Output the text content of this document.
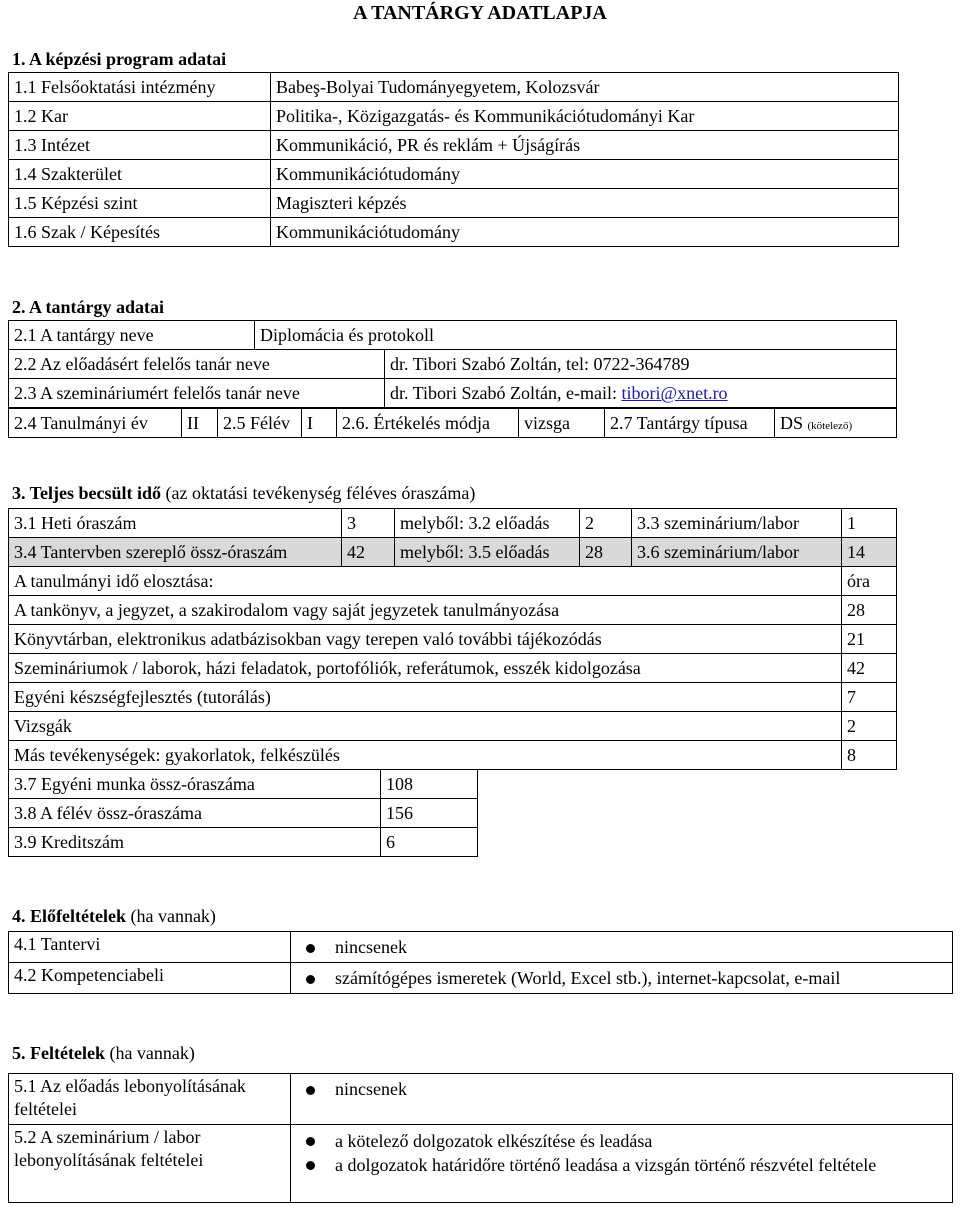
A TANTÁRGY ADATLAPJA
1. A képzési program adatai
1.1 Felsőoktatási intézmény	Babeş-Bolyai Tudományegyetem, Kolozsvár
1.2 Kar	Politika-, Közigazgatás- és Kommunikációtudományi Kar
1.3 Intézet	Kommunikáció, PR és reklám + Újságírás
1.4 Szakterület	Kommunikációtudomány
1.5 Képzési szint	Magiszteri képzés
1.6 Szak / Képesítés	Kommunikációtudomány
2. A tantárgy adatai
2.1 A tantárgy neve	Diplomácia és protokoll
2.2 Az előadásért felelős tanár neve	dr. Tibori Szabó Zoltán, tel: 0722-364789
2.3 A szemináriumért felelős tanár neve	dr. Tibori Szabó Zoltán, e-mail: tibori@xnet.ro
2.4 Tanulmányi év	II	2.5 Félév	I	2.6. Értékelés módja	vizsga	2.7 Tantárgy típusa	DS (kötelező)
3. Teljes becsült idő (az oktatási tevékenység féléves óraszáma)
3.1 Heti óraszám	3	melyből: 3.2 előadás	2	3.3 szeminárium/labor	1
3.4 Tantervben szereplő össz-óraszám	42	melyből: 3.5 előadás	28	3.6 szeminárium/labor	14
A tanulmányi idő elosztása:	óra
A tankönyv, a jegyzet, a szakirodalom vagy saját jegyzetek tanulmányozása	28
Könyvtárban, elektronikus adatbázisokban vagy terepen való további tájékozódás	21
Szemináriumok / laborok, házi feladatok, portofóliók, referátumok, esszék kidolgozása	42
Egyéni készségfejlesztés (tutorálás)	7
Vizsgák	2
Más tevékenységek: gyakorlatok, felkészülés	8
3.7 Egyéni munka össz-óraszáma	108
3.8 A félév össz-óraszáma	156
3.9 Kreditszám	6
4. Előfeltételek (ha vannak)
4.1 Tantervi	nincsenek
4.2 Kompetenciabeli	számítógépes ismeretek (World, Excel stb.), internet-kapcsolat, e-mail
5. Feltételek (ha vannak)
5.1 Az előadás lebonyolításának feltételei	nincsenek
5.2 A szeminárium / labor lebonyolításának feltételei	a kötelező dolgozatok elkészítése és leadása
a dolgozatok határidőre történő leadása a vizsgán történő részvétel feltétele
